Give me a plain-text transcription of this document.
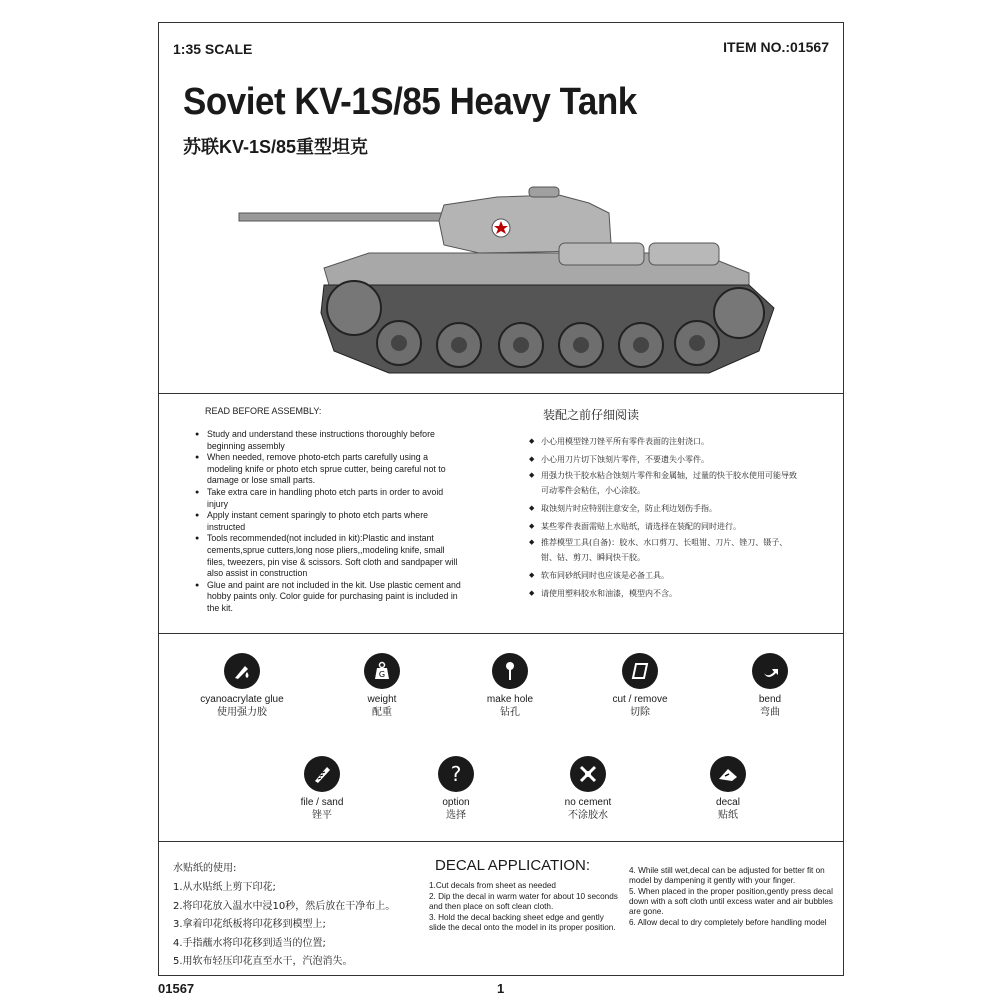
1:35 SCALE	ITEM NO.:01567
Soviet KV-1S/85 Heavy Tank
苏联KV-1S/85重型坦克
READ BEFORE ASSEMBLY:
● Study and understand these instructions thoroughly before beginning assembly
● When needed, remove photo-etch parts carefully using a modeling knife or photo etch sprue cutter, being careful not to damage or lose small parts.
● Take extra care in handling photo etch parts in order to avoid injury
● Apply instant cement sparingly to photo etch parts where instructed
● Tools recommended(not included in kit):Plastic and instant cements,sprue cutters,long nose pliers,,modeling knife, small files, tweezers, pin vise & scissors. Soft cloth and sandpaper will also assist in construction
● Glue and paint are not included in the kit. Use plastic cement and hobby paints only. Color guide for purchasing paint is included in the kit.
装配之前仔细阅读
◆ 小心用模型锉刀锉平所有零件表面的注射浇口。
◆ 小心用刀片切下蚀刻片零件，不要遗失小零件。
◆ 用强力快干胶水粘合蚀刻片零件和金属轴，过量的快干胶水使用可能导致可动零件会粘住，小心涂胶。
◆ 取蚀刻片时应特别注意安全，防止利边划伤手指。
◆ 某些零件表面需贴上水贴纸，请选择在装配的同时进行。
◆ 推荐模型工具(自备)：胶水、水口剪刀、长咀钳、刀片、锉刀、镊子、钳、钻、剪刀、瞬间快干胶。
◆ 软布同砂纸同时也应该是必备工具。
◆ 请使用塑料胶水和油漆，模型内不含。
cyanoacrylate glue
使用强力胶
G
weight
配重
make hole
钻孔
cut / remove
切除
bend
弯曲
file / sand
锉平
?
option
选择
no cement
不涂胶水
decal
贴纸
水贴纸的使用:
1.从水贴纸上剪下印花;
2.将印花放入温水中浸10秒，然后放在干净布上。
3.拿着印花纸板将印花移到模型上;
4.手指蘸水将印花移到适当的位置;
5.用软布轻压印花直至水干，汽泡消失。
DECAL APPLICATION:

1.Cut decals from sheet as needed

2. Dip the decal in warm water for about 10 seconds and then place on soft clean cloth.

3. Hold the decal backing sheet edge and gently slide the decal onto the model in its proper position.

4. While still wet,decal can be adjusted for better fit on model by dampening it gently with your finger.

5. When placed in the proper position,gently press decal down with a soft cloth until excess water and air bubbles are gone.

6. Allow decal to dry completely before handling model

01567	1
